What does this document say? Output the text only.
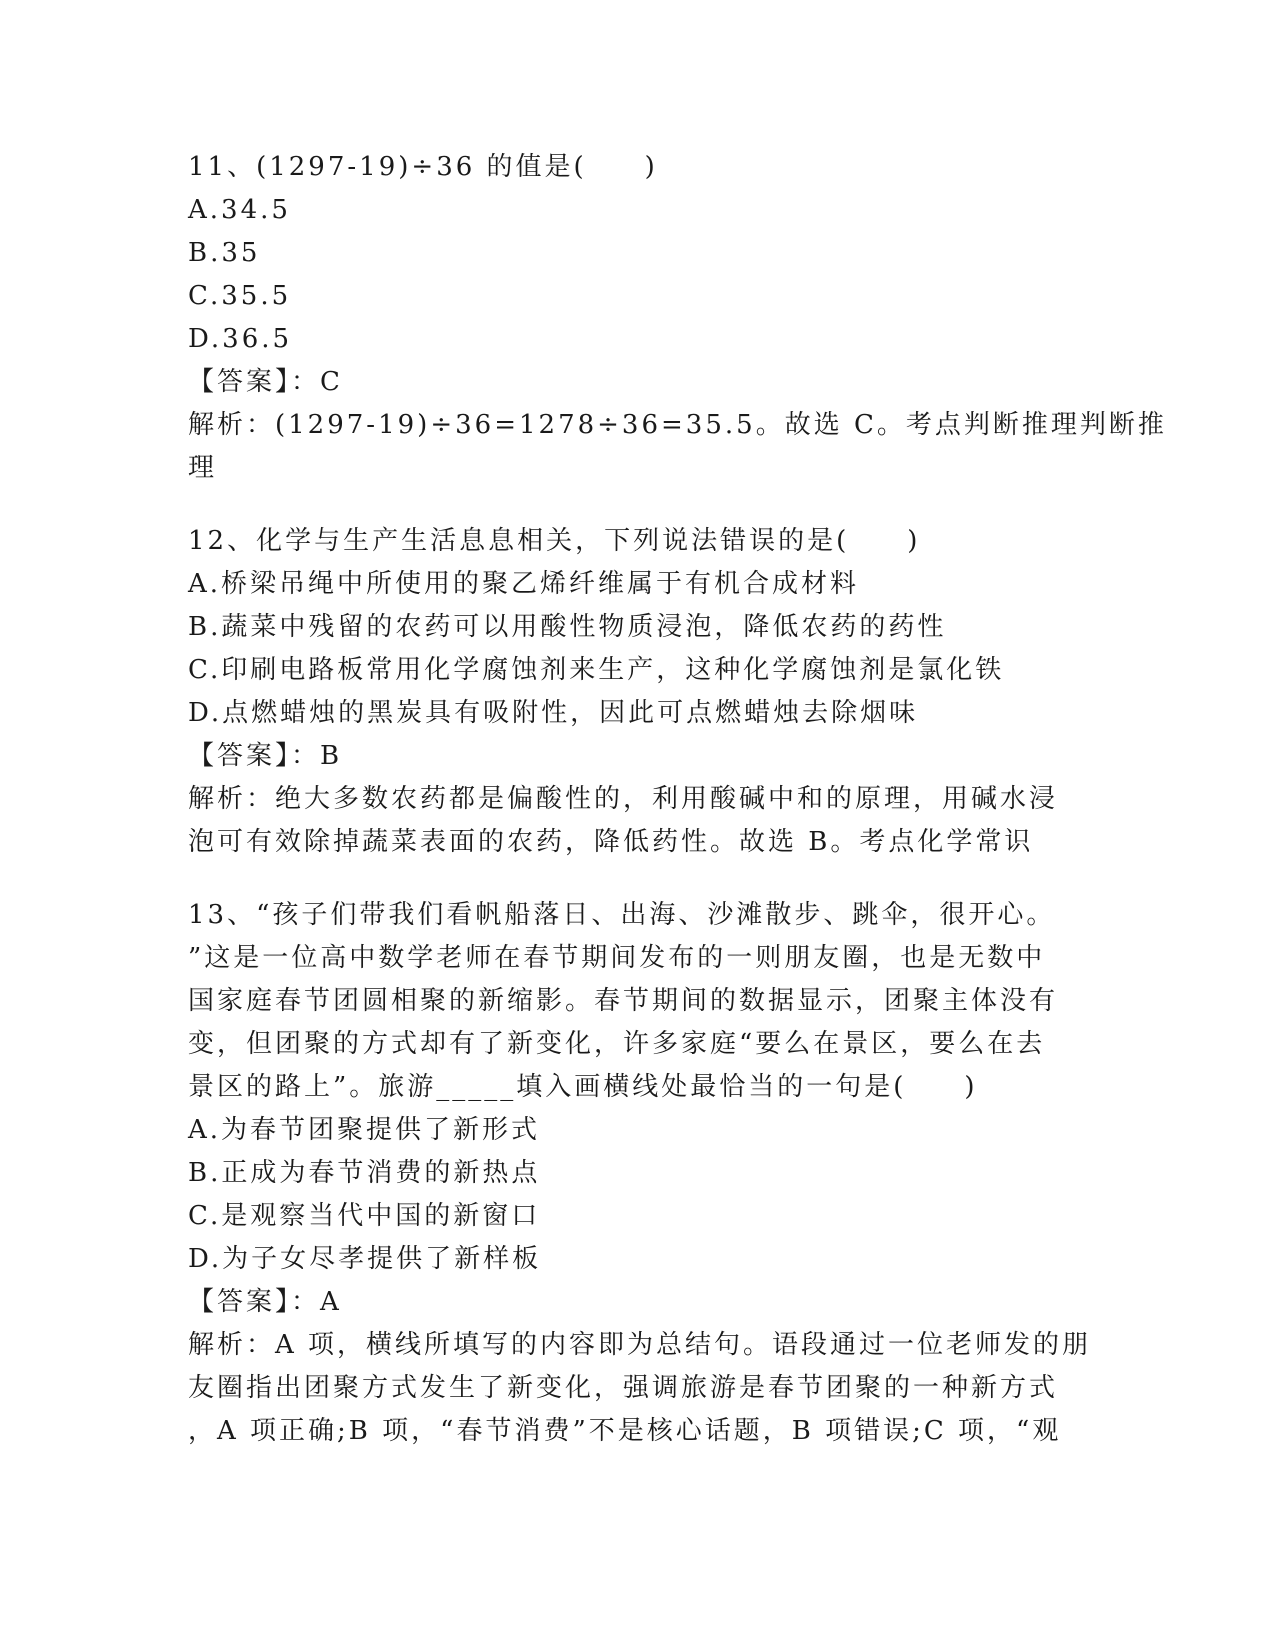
11、(1297-19)÷36 的值是(　　)
A.34.5
B.35
C.35.5
D.36.5
【答案】：C
解析：(1297-19)÷36=1278÷36=35.5。故选 C。考点判断推理判断推
理
12、化学与生产生活息息相关，下列说法错误的是(　　)
A.桥梁吊绳中所使用的聚乙烯纤维属于有机合成材料
B.蔬菜中残留的农药可以用酸性物质浸泡，降低农药的药性
C.印刷电路板常用化学腐蚀剂来生产，这种化学腐蚀剂是氯化铁
D.点燃蜡烛的黑炭具有吸附性，因此可点燃蜡烛去除烟味
【答案】：B
解析：绝大多数农药都是偏酸性的，利用酸碱中和的原理，用碱水浸
泡可有效除掉蔬菜表面的农药，降低药性。故选 B。考点化学常识
13、“孩子们带我们看帆船落日、出海、沙滩散步、跳伞，很开心。
”这是一位高中数学老师在春节期间发布的一则朋友圈，也是无数中
国家庭春节团圆相聚的新缩影。春节期间的数据显示，团聚主体没有
变，但团聚的方式却有了新变化，许多家庭“要么在景区，要么在去
景区的路上”。旅游_____填入画横线处最恰当的一句是(　　)
A.为春节团聚提供了新形式
B.正成为春节消费的新热点
C.是观察当代中国的新窗口
D.为子女尽孝提供了新样板
【答案】：A
解析：A 项，横线所填写的内容即为总结句。语段通过一位老师发的朋
友圈指出团聚方式发生了新变化，强调旅游是春节团聚的一种新方式
，A 项正确;B 项，“春节消费”不是核心话题，B 项错误;C 项，“观
